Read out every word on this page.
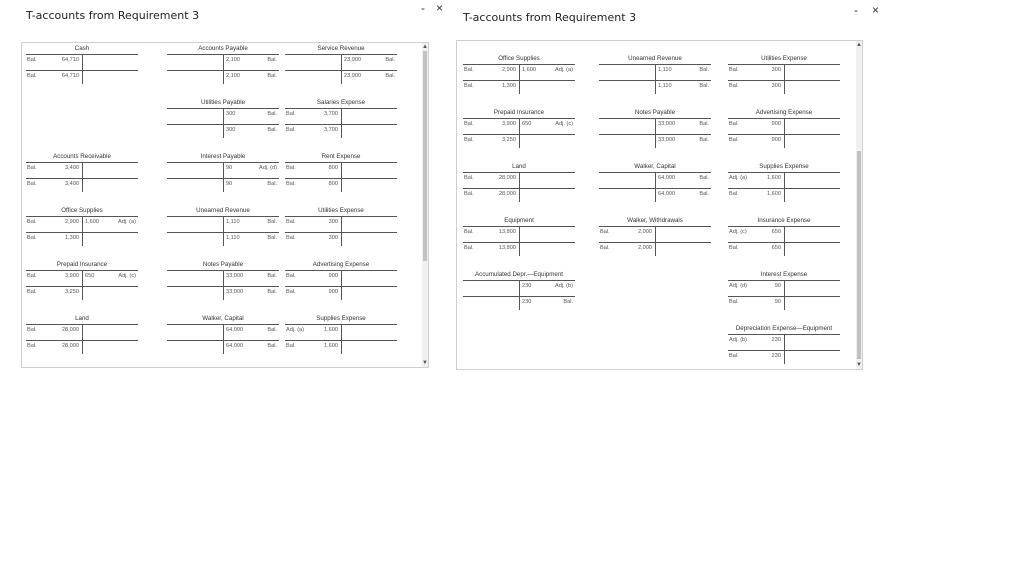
T-accounts from Requirement 3
- ×
Cash
Bal.	64,710
Bal.	64,710
Accounts Payable
2,100	Bal.
2,100	Bal.
Service Revenue
23,900	Bal.
23,900	Bal.
Utilities Payable
300	Bal.
300	Bal.
Salaries Expense
Bal.	3,700
Bal.	3,700
Accounts Receivable
Bal.	3,400
Bal.	3,400
Interest Payable
90	Adj. (d)
90	Bal.
Rent Expense
Bal.	800
Bal.	800
Office Supplies
Bal.	2,900 1,600	Adj. (a)
Bal.	1,300
Unearned Revenue
1,110	Bal.
1,110	Bal.
Utilities Expense
Bal.	300
Bal.	300
Prepaid Insurance
Bal.	3,900 650	Adj. (c)
Bal.	3,250
Notes Payable
33,000	Bal.
33,000	Bal.
Advertising Expense
Bal.	900
Bal.	900
Land
Bal.	28,000
Bal.	28,000
Walker, Capital
64,000	Bal.
64,000	Bal.
Supplies Expense
Adj. (a)	1,600
Bal.	1,600
▲
▼
T-accounts from Requirement 3
- ×
Office Supplies
Bal.	2,900 1,600	Adj. (a)
Bal.	1,300
Unearned Revenue
1,110	Bal.
1,110	Bal.
Utilities Expense
Bal.	300
Bal.	300
Prepaid Insurance
Bal.	3,900 650	Adj. (c)
Bal.	3,250
Notes Payable
33,000	Bal.
33,000	Bal.
Advertising Expense
Bal.	900
Bal.	900
Land
Bal.	28,000
Bal.	28,000
Walker, Capital
64,000	Bal.
64,000	Bal.
Supplies Expense
Adj. (a)	1,600
Bal.	1,600
Equipment
Bal.	13,800
Bal.	13,800
Walker, Withdrawals
Bal.	2,000
Bal.	2,000
Insurance Expense
Adj. (c)	650
Bal.	650
Accumulated Depr.—Equipment
230	Adj. (b)
230	Bal.
Interest Expense
Adj. (d)	90
Bal.	90
Depreciation Expense—Equipment
Adj. (b)	230
Bal.	230
▲
▼
